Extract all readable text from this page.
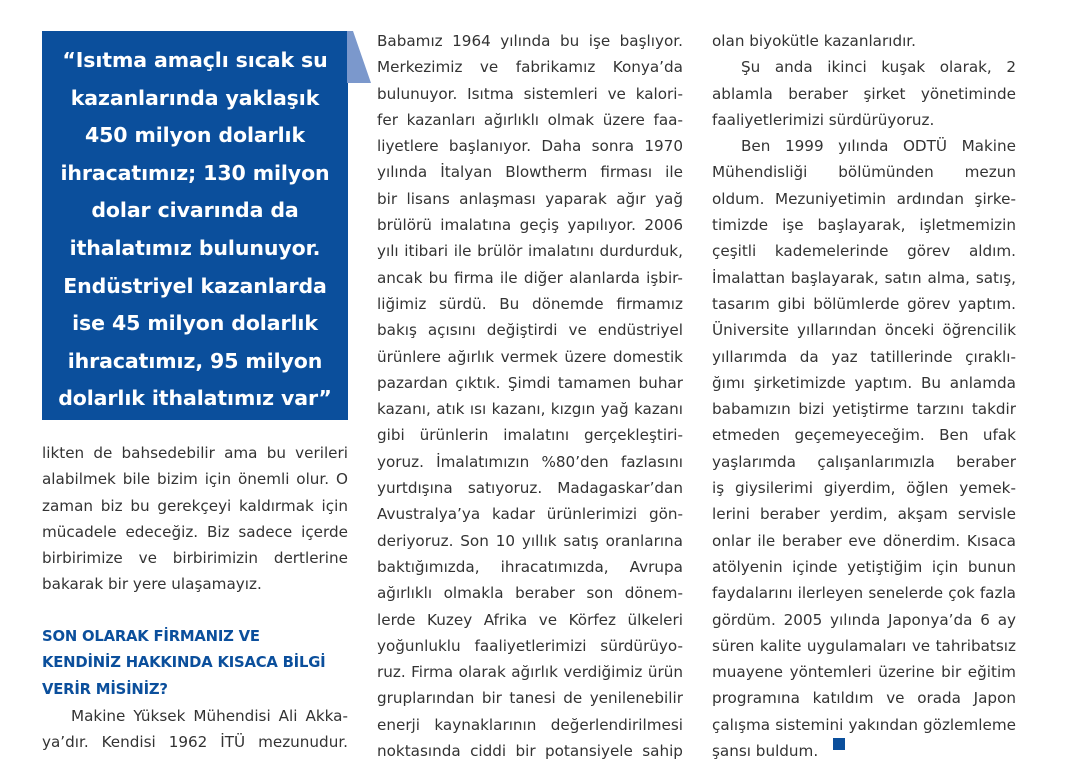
“Isıtma amaçlı sıcak su
kazanlarında yaklaşık
450 milyon dolarlık
ihracatımız; 130 milyon
dolar civarında da
ithalatımız bulunuyor.
Endüstriyel kazanlarda
ise 45 milyon dolarlık
ihracatımız, 95 milyon
dolarlık ithalatımız var”
likten de bahsedebilir ama bu verileri
alabilmek bile bizim için önemli olur. O
zaman biz bu gerekçeyi kaldırmak için
mücadele edeceğiz. Biz sadece içerde
birbirimize ve birbirimizin dertlerine
bakarak bir yere ulaşamayız.
SON OLARAK FİRMANIZ VE
KENDİNİZ HAKKINDA KISACA BİLGİ
VERİR MİSİNİZ?
Makine Yüksek Mühendisi Ali Akka-
ya’dır. Kendisi 1962 İTÜ mezunudur.
Babamız 1964 yılında bu işe başlıyor.
Merkezimiz ve fabrikamız Konya’da
bulunuyor. Isıtma sistemleri ve kalori-
fer kazanları ağırlıklı olmak üzere faa-
liyetlere başlanıyor. Daha sonra 1970
yılında İtalyan Blowtherm firması ile
bir lisans anlaşması yaparak ağır yağ
brülörü imalatına geçiş yapılıyor. 2006
yılı itibari ile brülör imalatını durdurduk,
ancak bu firma ile diğer alanlarda işbir-
liğimiz sürdü. Bu dönemde firmamız
bakış açısını değiştirdi ve endüstriyel
ürünlere ağırlık vermek üzere domestik
pazardan çıktık. Şimdi tamamen buhar
kazanı, atık ısı kazanı, kızgın yağ kazanı
gibi ürünlerin imalatını gerçekleştiri-
yoruz. İmalatımızın %80’den fazlasını
yurtdışına satıyoruz. Madagaskar’dan
Avustralya’ya kadar ürünlerimizi gön-
deriyoruz. Son 10 yıllık satış oranlarına
baktığımızda, ihracatımızda, Avrupa
ağırlıklı olmakla beraber son dönem-
lerde Kuzey Afrika ve Körfez ülkeleri
yoğunluklu faaliyetlerimizi sürdürüyo-
ruz. Firma olarak ağırlık verdiğimiz ürün
gruplarından bir tanesi de yenilenebilir
enerji kaynaklarının değerlendirilmesi
noktasında ciddi bir potansiyele sahip
olan biyokütle kazanlarıdır.
Şu anda ikinci kuşak olarak, 2
ablamla beraber şirket yönetiminde
faaliyetlerimizi sürdürüyoruz.
Ben 1999 yılında ODTÜ Makine
Mühendisliği bölümünden mezun
oldum. Mezuniyetimin ardından şirke-
timizde işe başlayarak, işletmemizin
çeşitli kademelerinde görev aldım.
İmalattan başlayarak, satın alma, satış,
tasarım gibi bölümlerde görev yaptım.
Üniversite yıllarından önceki öğrencilik
yıllarımda da yaz tatillerinde çıraklı-
ğımı şirketimizde yaptım. Bu anlamda
babamızın bizi yetiştirme tarzını takdir
etmeden geçemeyeceğim. Ben ufak
yaşlarımda çalışanlarımızla beraber
iş giysilerimi giyerdim, öğlen yemek-
lerini beraber yerdim, akşam servisle
onlar ile beraber eve dönerdim. Kısaca
atölyenin içinde yetiştiğim için bunun
faydalarını ilerleyen senelerde çok fazla
gördüm. 2005 yılında Japonya’da 6 ay
süren kalite uygulamaları ve tahribatsız
muayene yöntemleri üzerine bir eğitim
programına katıldım ve orada Japon
çalışma sistemini yakından gözlemleme
şansı buldum.
